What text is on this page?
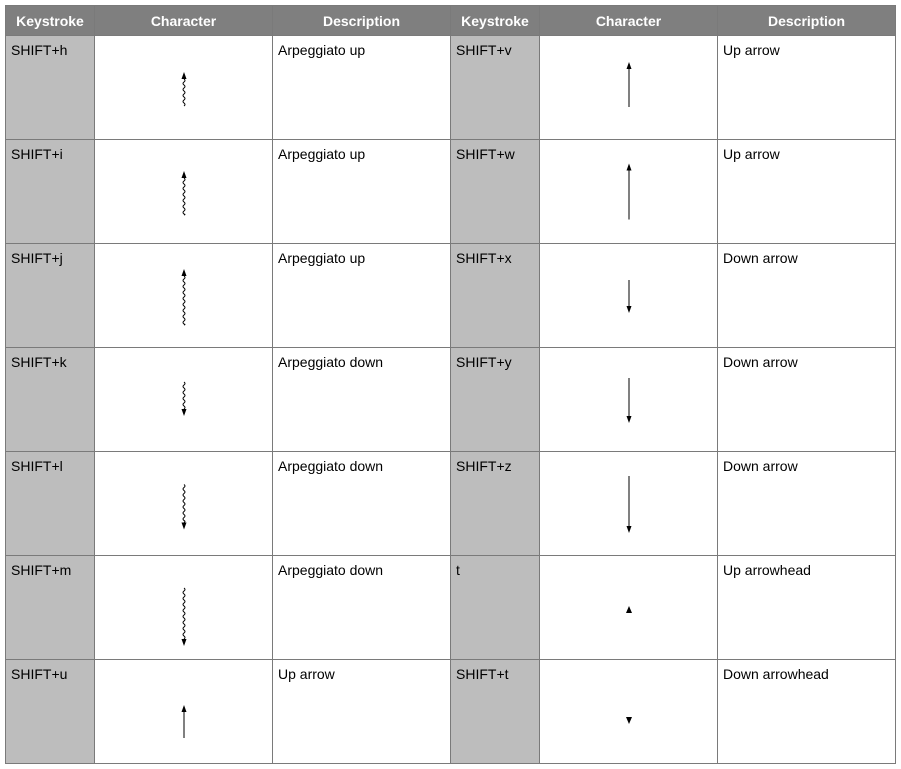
Keystroke	Character	Description	Keystroke	Character	Description

SHIFT+h		Arpeggiato up	SHIFT+v		Up arrow

SHIFT+i		Arpeggiato up	SHIFT+w		Up arrow

SHIFT+j		Arpeggiato up	SHIFT+x		Down arrow

SHIFT+k		Arpeggiato down	SHIFT+y		Down arrow

SHIFT+l		Arpeggiato down	SHIFT+z		Down arrow

SHIFT+m		Arpeggiato down	t		Up arrowhead

SHIFT+u		Up arrow	SHIFT+t		Down arrowhead
